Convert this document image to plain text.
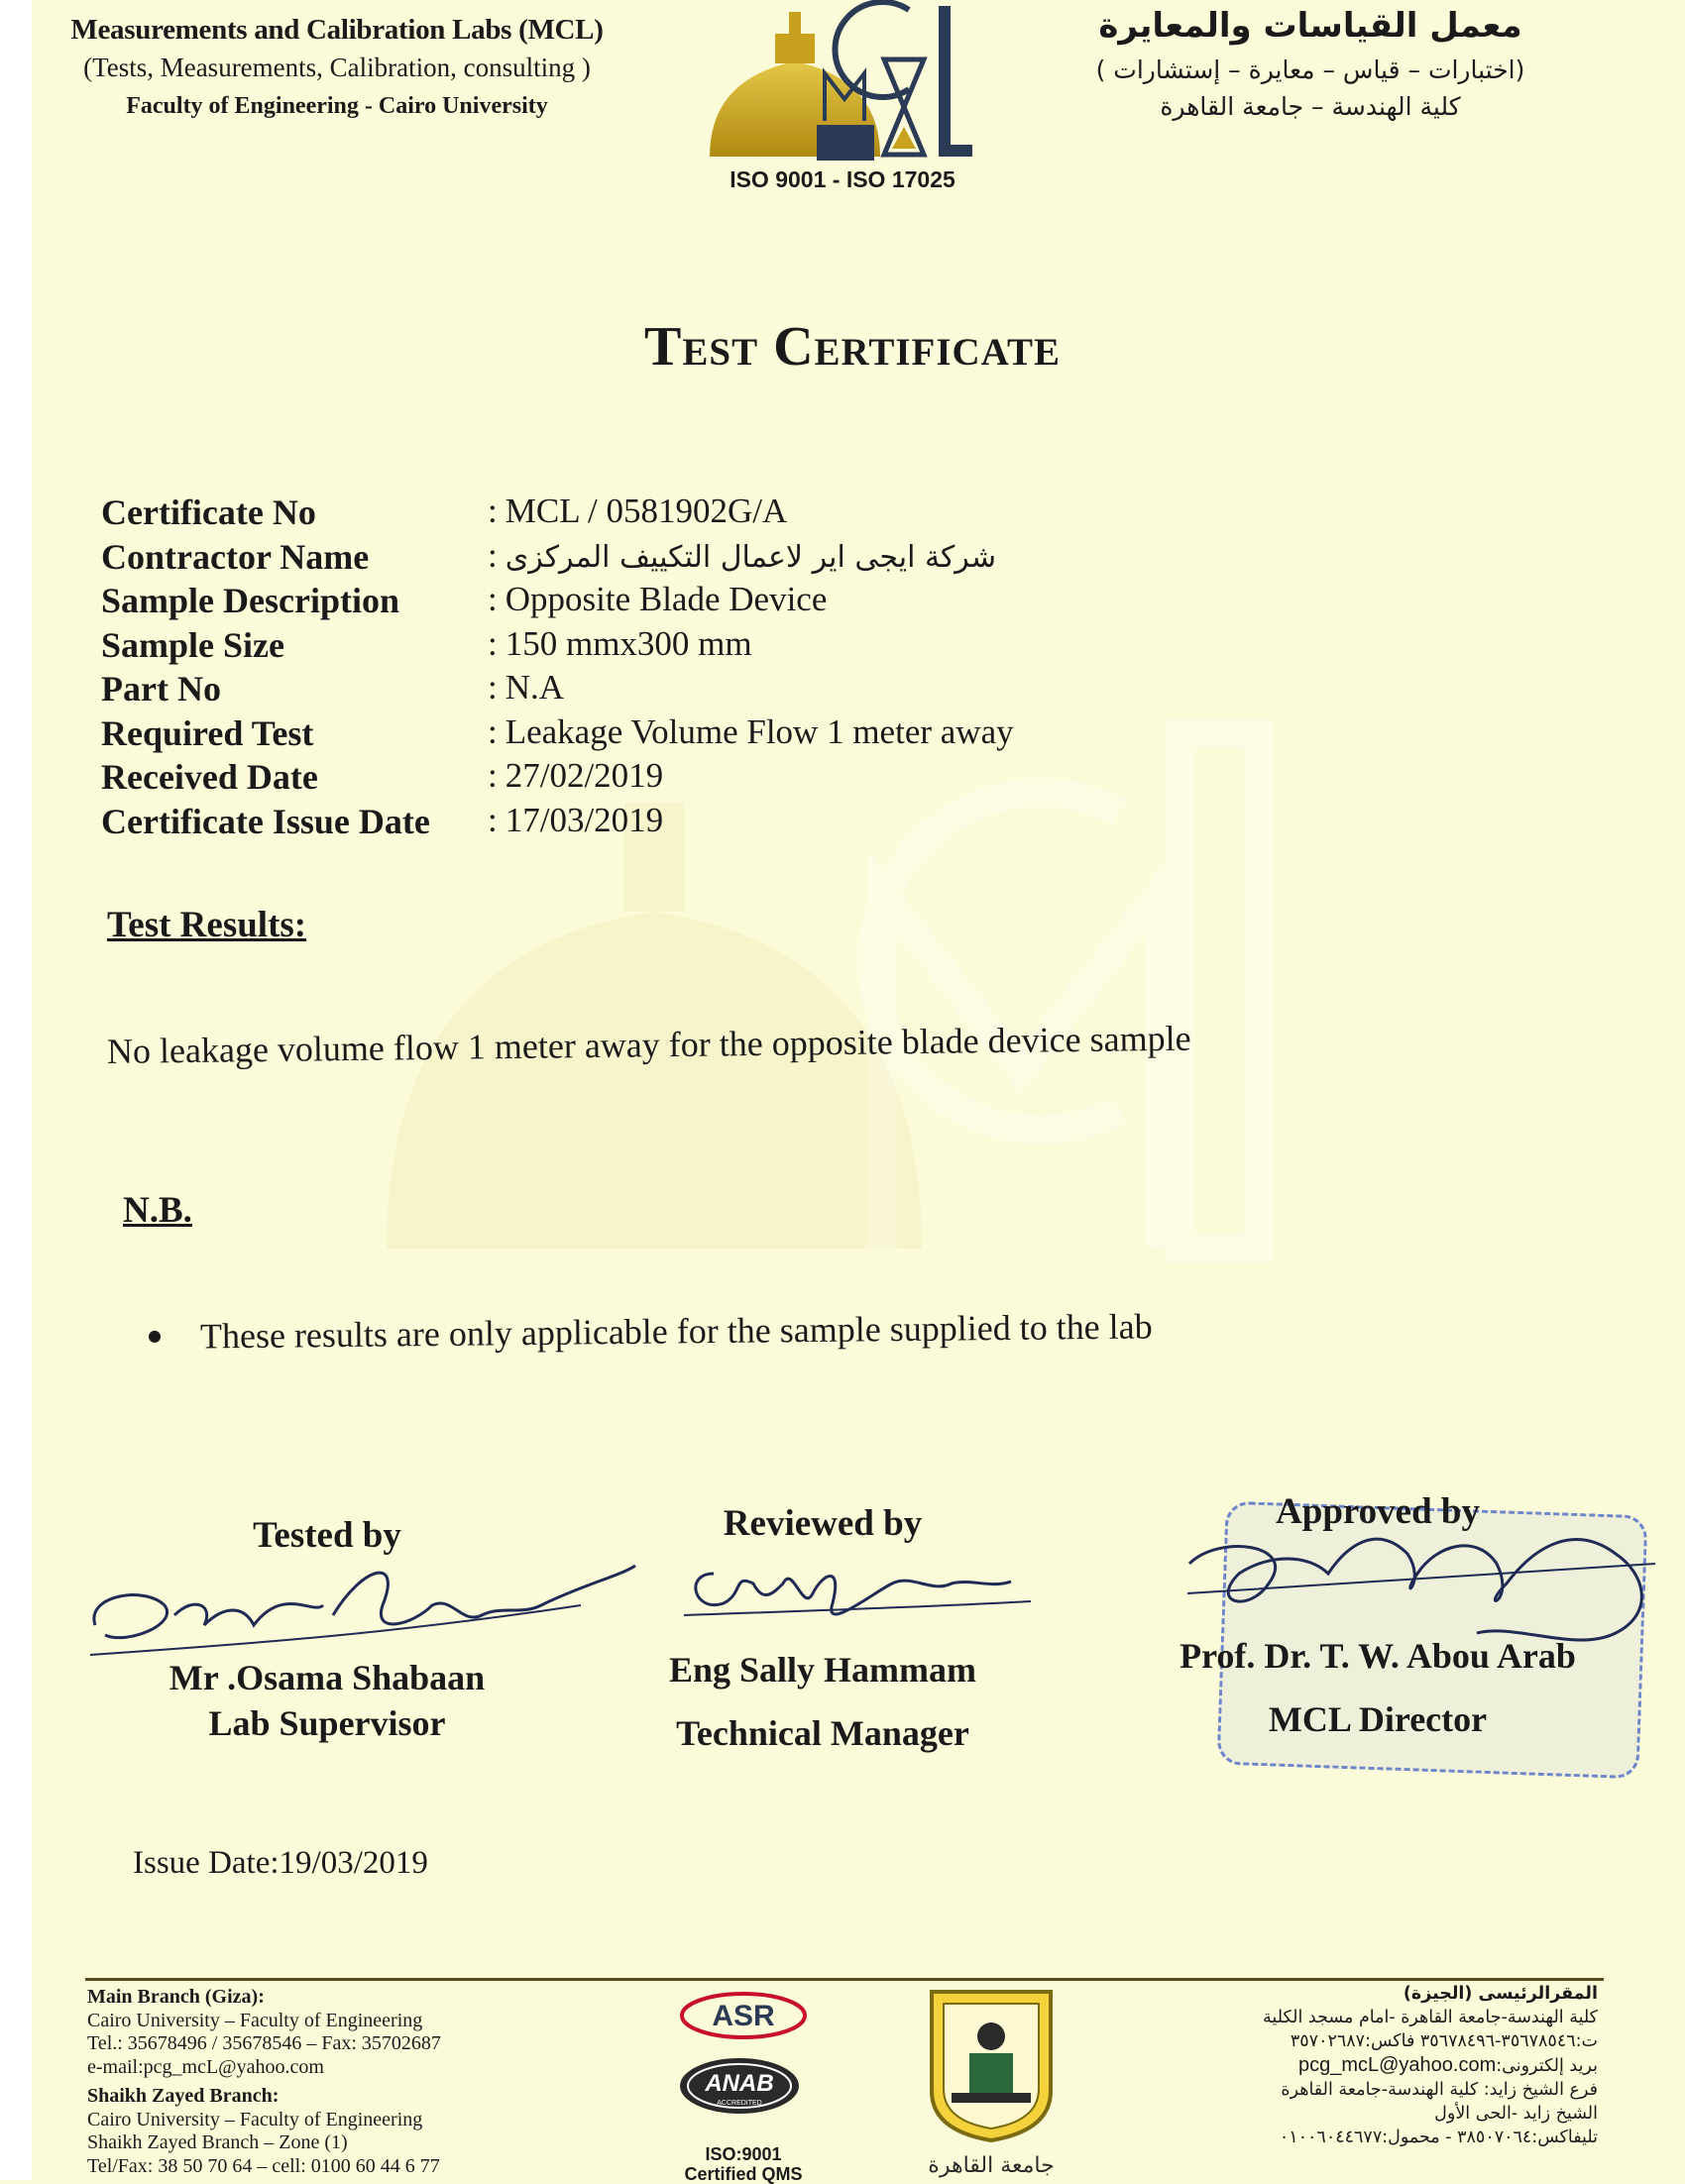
Measurements and Calibration Labs (MCL)
(Tests, Measurements, Calibration, consulting )
Faculty of Engineering - Cairo University
ISO 9001 - ISO 17025
معمل القياسات والمعايرة
(اختبارات – قياس – معايرة – إستشارات )
كلية الهندسة – جامعة القاهرة
Test Certificate
Certificate No	: MCL / 0581902G/A
Contractor Name	: شركة ايجى اير لاعمال التكييف المركزى
Sample Description	: Opposite Blade Device
Sample Size	: 150 mmx300 mm
Part No	: N.A
Required Test	: Leakage Volume Flow 1 meter away
Received Date	: 27/02/2019
Certificate Issue Date	: 17/03/2019
Test Results:
No leakage volume flow 1 meter away for the opposite blade device sample
N.B.
These results are only applicable for the sample supplied to the lab
Tested by	Reviewed by	Approved by
Mr .Osama Shabaan
Lab Supervisor
Eng Sally Hammam
Technical Manager
Prof. Dr. T. W. Abou Arab
MCL Director
Issue Date:19/03/2019
Main Branch (Giza):
Cairo University – Faculty of Engineering
Tel.: 35678496 / 35678546 – Fax: 35702687
e-mail:pcg_mcL@yahoo.com
Shaikh Zayed Branch:
Cairo University – Faculty of Engineering
Shaikh Zayed Branch – Zone (1)
Tel/Fax: 38 50 70 64 – cell: 0100 60 44 6 77
ASR
ANAB
ACCREDITED
ISO:9001
Certified QMS	جامعة القاهرة
المقرالرئيسى (الجيزة)
كلية الهندسة-جامعة القاهرة -امام مسجد الكلية
ت:٣٥٦٧٨٥٤٦-٣٥٦٧٨٤٩٦ فاكس:٣٥٧٠٢٦٨٧
بريد إلكترونى:pcg_mcL@yahoo.com
فرع الشيخ زايد: كلية الهندسة-جامعة القاهرة
الشيخ زايد -الحى الأول
تليفاكس:٣٨٥٠٧٠٦٤ - محمول:٠١٠٠٦٠٤٤٦٧٧
